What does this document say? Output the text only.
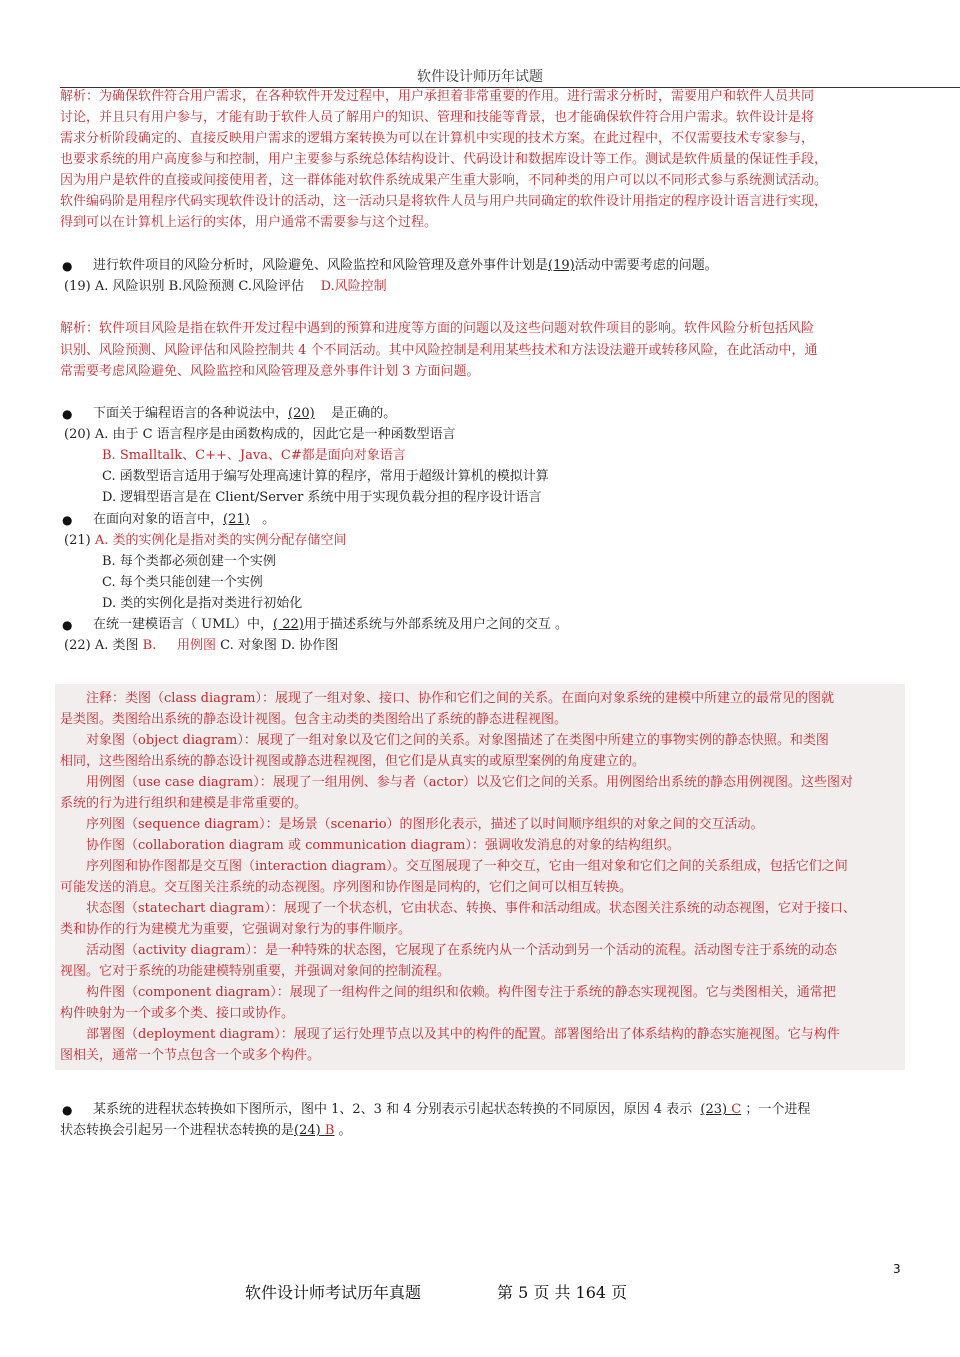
软件设计师历年试题
解析：为确保软件符合用户需求，在各种软件开发过程中，用户承担着非常重要的作用。进行需求分析时，需要用户和软件人员共同
讨论，并且只有用户参与，才能有助于软件人员了解用户的知识、管理和技能等背景，也才能确保软件符合用户需求。软件设计是将
需求分析阶段确定的、直接反映用户需求的逻辑方案转换为可以在计算机中实现的技术方案。在此过程中，不仅需要技术专家参与，
也要求系统的用户高度参与和控制，用户主要参与系统总体结构设计、代码设计和数据库设计等工作。测试是软件质量的保证性手段，
因为用户是软件的直接或间接使用者，这一群体能对软件系统成果产生重大影响，不同种类的用户可以以不同形式参与系统测试活动。
软件编码阶是用程序代码实现软件设计的活动，这一活动只是将软件人员与用户共同确定的软件设计用指定的程序设计语言进行实现，
得到可以在计算机上运行的实体，用户通常不需要参与这个过程。
● 进行软件项目的风险分析时，风险避免、风险监控和风险管理及意外事件计划是(19)活动中需要考虑的问题。
(19) A. 风险识别 B.风险预测 C.风险评估 D.风险控制
解析：软件项目风险是指在软件开发过程中遇到的预算和进度等方面的问题以及这些问题对软件项目的影响。软件风险分析包括风险
识别、风险预测、风险评估和风险控制共 4 个不同活动。其中风险控制是利用某些技术和方法设法避开或转移风险，在此活动中，通
常需要考虑风险避免、风险监控和风险管理及意外事件计划 3 方面问题。
● 下面关于编程语言的各种说法中，(20) 是正确的。
(20) A. 由于 C 语言程序是由函数构成的，因此它是一种函数型语言
B. Smalltalk、C++、Java、C#都是面向对象语言
C. 函数型语言适用于编写处理高速计算的程序，常用于超级计算机的模拟计算
D. 逻辑型语言是在 Client/Server 系统中用于实现负载分担的程序设计语言
● 在面向对象的语言中，(21) 。
(21) A. 类的实例化是指对类的实例分配存储空间
B. 每个类都必须创建一个实例
C. 每个类只能创建一个实例
D. 类的实例化是指对类进行初始化
● 在统一建模语言（ UML）中，( 22)用于描述系统与外部系统及用户之间的交互 。
(22) A. 类图 B. 用例图 C. 对象图 D. 协作图
　　注释：类图（class diagram）：展现了一组对象、接口、协作和它们之间的关系。在面向对象系统的建模中所建立的最常见的图就
是类图。类图给出系统的静态设计视图。包含主动类的类图给出了系统的静态进程视图。
　　对象图（object diagram）：展现了一组对象以及它们之间的关系。对象图描述了在类图中所建立的事物实例的静态快照。和类图
相同，这些图给出系统的静态设计视图或静态进程视图，但它们是从真实的或原型案例的角度建立的。
　　用例图（use case diagram）：展现了一组用例、参与者（actor）以及它们之间的关系。用例图给出系统的静态用例视图。这些图对
系统的行为进行组织和建模是非常重要的。
　　序列图（sequence diagram）：是场景（scenario）的图形化表示，描述了以时间顺序组织的对象之间的交互活动。
　　协作图（collaboration diagram 或 communication diagram）：强调收发消息的对象的结构组织。
　　序列图和协作图都是交互图（interaction diagram）。交互图展现了一种交互，它由一组对象和它们之间的关系组成，包括它们之间
可能发送的消息。交互图关注系统的动态视图。序列图和协作图是同构的，它们之间可以相互转换。
　　状态图（statechart diagram）：展现了一个状态机，它由状态、转换、事件和活动组成。状态图关注系统的动态视图，它对于接口、
类和协作的行为建模尤为重要，它强调对象行为的事件顺序。
　　活动图（activity diagram）：是一种特殊的状态图，它展现了在系统内从一个活动到另一个活动的流程。活动图专注于系统的动态
视图。它对于系统的功能建模特别重要，并强调对象间的控制流程。
　　构件图（component diagram）：展现了一组构件之间的组织和依赖。构件图专注于系统的静态实现视图。它与类图相关，通常把
构件映射为一个或多个类、接口或协作。
　　部署图（deployment diagram）：展现了运行处理节点以及其中的构件的配置。部署图给出了体系结构的静态实施视图。它与构件
图相关，通常一个节点包含一个或多个构件。
● 某系统的进程状态转换如下图所示，图中 1、2、3 和 4 分别表示引起状态转换的不同原因，原因 4 表示 (23) C ；一个进程
状态转换会引起另一个进程状态转换的是(24) B 。
3
软件设计师考试历年真题	第 5 页 共 164 页
